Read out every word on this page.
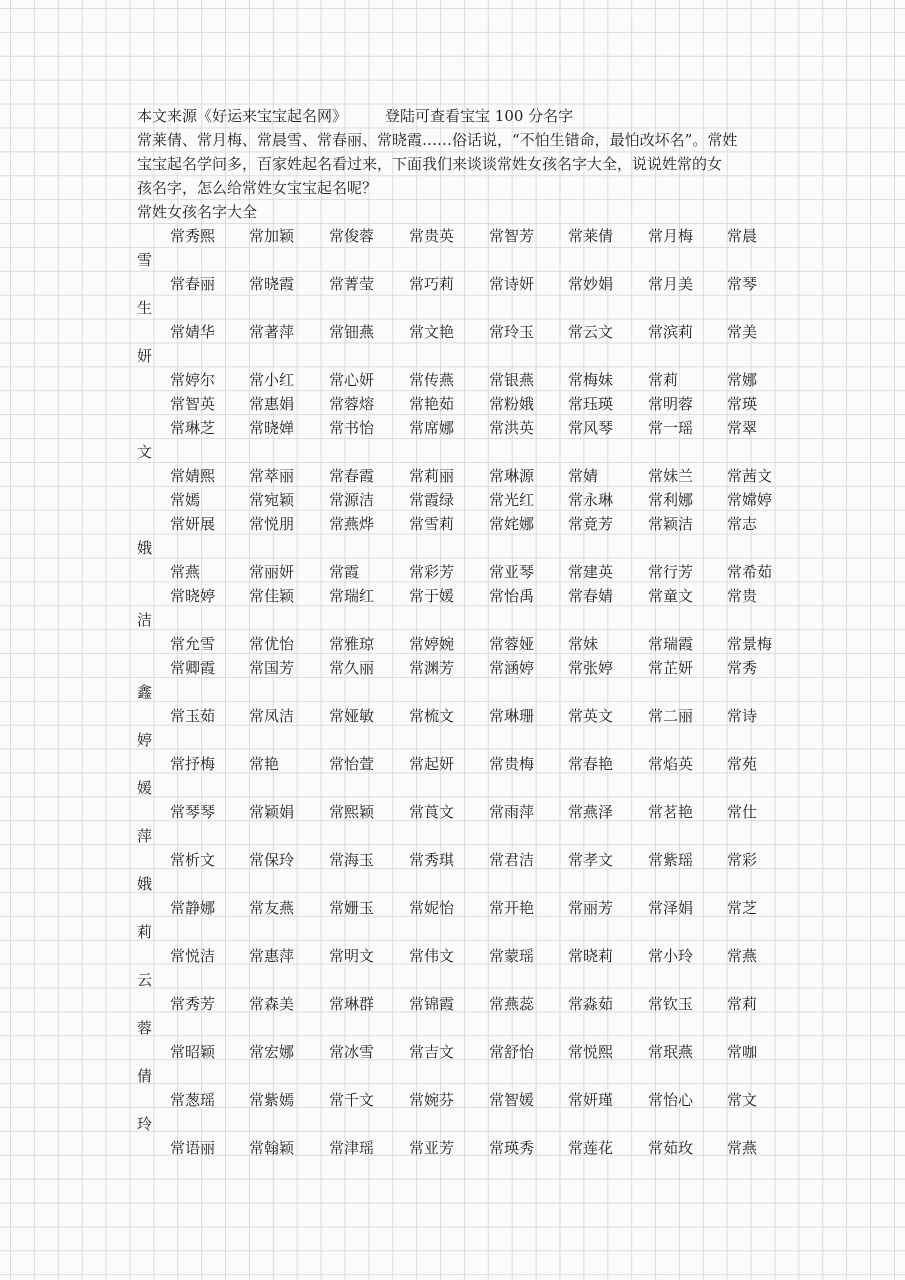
本文来源《好运来宝宝起名网》	登陆可查看宝宝 100 分名字
常莱倩、常月梅、常晨雪、常春丽、常晓霞……俗话说，“不怕生错命，最怕改坏名”。常姓
宝宝起名学问多，百家姓起名看过来，下面我们来谈谈常姓女孩名字大全，说说姓常的女
孩名字，怎么给常姓女宝宝起名呢？
常姓女孩名字大全
常秀熙 常加颖 常俊蓉 常贵英 常智芳 常莱倩 常月梅 常晨
雪
常春丽 常晓霞 常菁莹 常巧莉 常诗妍 常妙娟 常月美 常琴
生
常婧华 常著萍 常钿燕 常文艳 常玲玉 常云文 常滨莉 常美
妍
常婷尔 常小红 常心妍 常传燕 常银燕 常梅妹 常莉	常娜
常智英 常惠娟 常蓉熔 常艳茹 常粉娥 常珏瑛 常明蓉 常瑛
常琳芝 常晓婵 常书怡 常席娜 常洪英 常风琴 常一瑶 常翠
文
常婧熙 常萃丽 常春霞 常莉丽 常琳源 常婧	常妹兰 常茜文
常嫣	常宛颖 常源洁 常霞绿 常光红 常永琳 常利娜 常嫦婷
常妍展 常悦朋 常燕烨 常雪莉 常姹娜 常竟芳 常颖洁 常志
娥
常燕	常丽妍 常霞	常彩芳 常亚琴 常建英 常行芳 常希茹
常晓婷 常佳颖 常瑞红 常于媛 常怡禹 常春婧 常童文 常贵
洁
常允雪 常优怡 常雅琼 常婷婉 常蓉娅 常妹	常瑞霞 常景梅
常卿霞 常国芳 常久丽 常渊芳 常涵婷 常张婷 常芷妍 常秀
鑫
常玉茹 常凤洁 常娅敏 常梳文 常琳珊 常英文 常二丽 常诗
婷
常抒梅 常艳	常怡萱 常起妍 常贵梅 常春艳 常焰英 常苑
媛
常琴琴 常颖娟 常熙颖 常莨文 常雨萍 常燕泽 常茗艳 常仕
萍
常析文 常保玲 常海玉 常秀琪 常君洁 常孝文 常紫瑶 常彩
娥
常静娜 常友燕 常姗玉 常妮怡 常开艳 常丽芳 常泽娟 常芝
莉
常悦洁 常惠萍 常明文 常伟文 常蒙瑶 常晓莉 常小玲 常燕
云
常秀芳 常森美 常琳群 常锦霞 常燕蕊 常淼茹 常钦玉 常莉
蓉
常昭颖 常宏娜 常冰雪 常吉文 常舒怡 常悦熙 常珉燕 常咖
倩
常葱瑶 常紫嫣 常千文 常婉芬 常智媛 常妍瑾 常怡心 常文
玲
常语丽 常翰颖 常津瑶 常亚芳 常瑛秀 常莲花 常茹玫 常燕
